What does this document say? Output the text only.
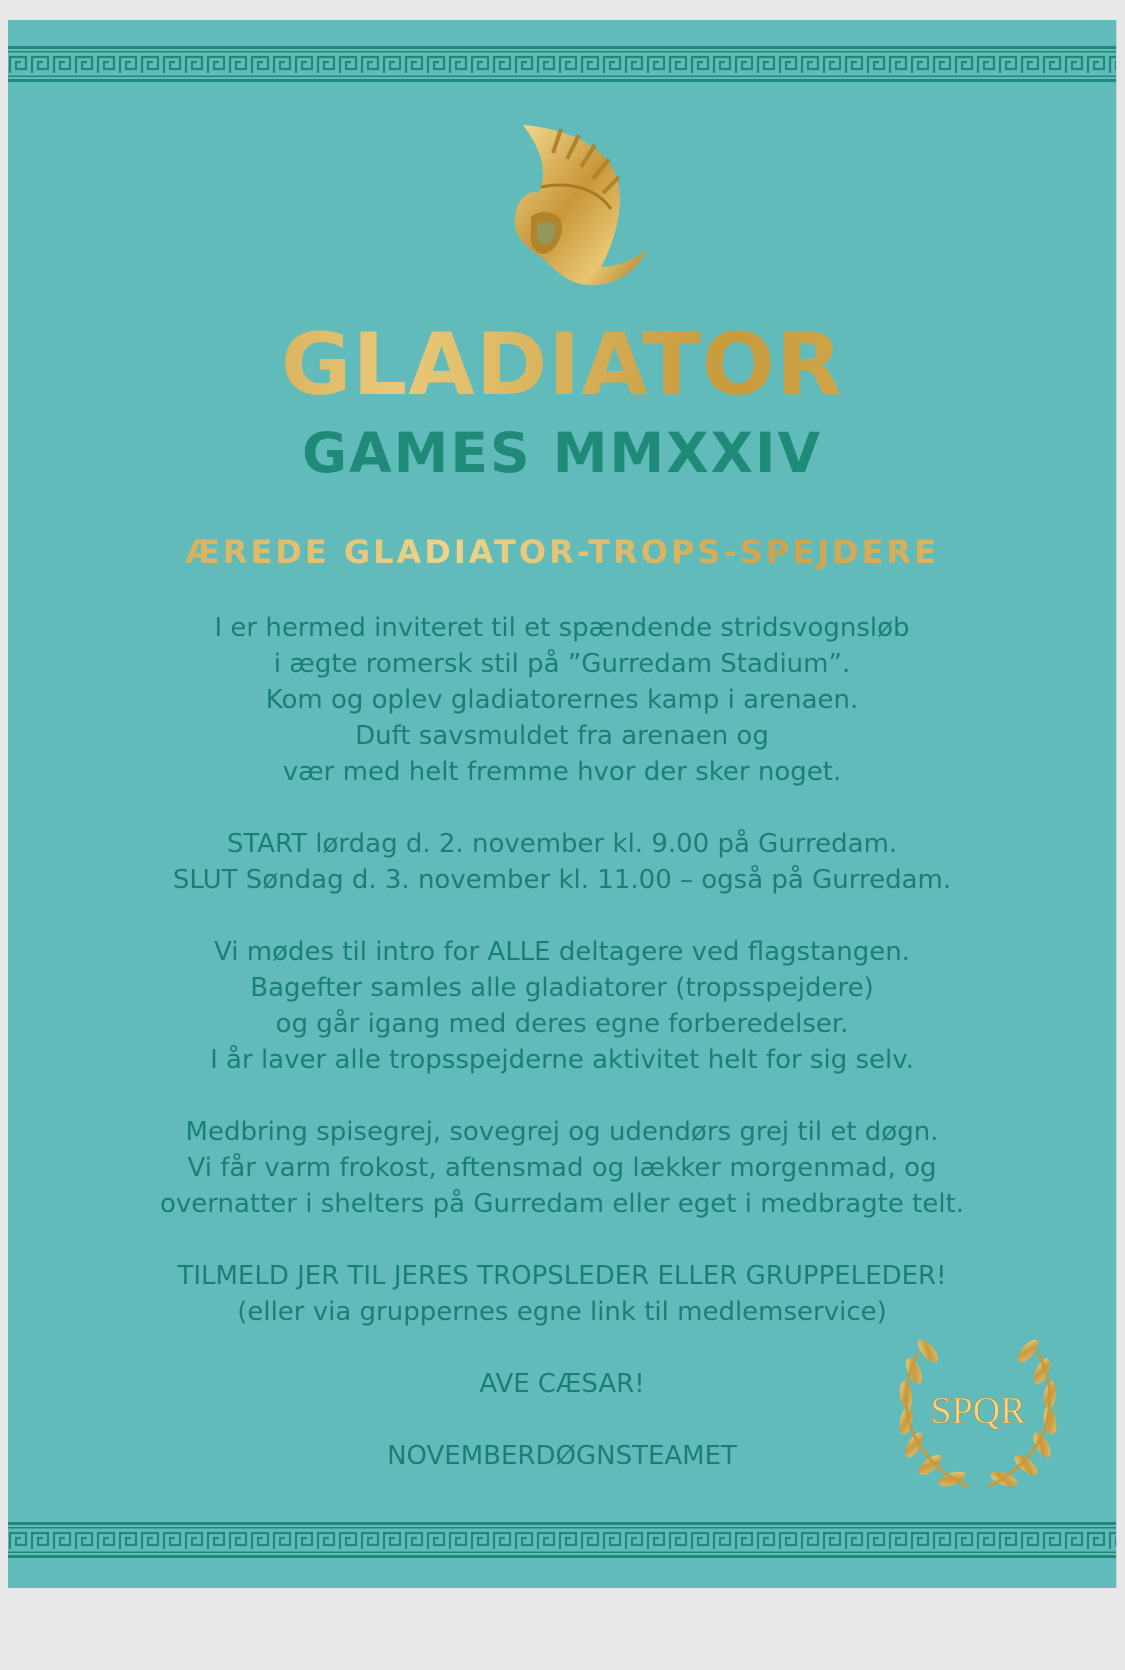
GLADIATOR
GAMES MMXXIV
ÆREDE GLADIATOR-TROPS-SPEJDERE
I er hermed inviteret til et spændende stridsvognsløb
i ægte romersk stil på ”Gurredam Stadium”.
Kom og oplev gladiatorernes kamp i arenaen.
Duft savsmuldet fra arenaen og
vær med helt fremme hvor der sker noget.
START lørdag d. 2. november kl. 9.00 på Gurredam.
SLUT Søndag d. 3. november kl. 11.00 – også på Gurredam.
Vi mødes til intro for ALLE deltagere ved flagstangen.
Bagefter samles alle gladiatorer (tropsspejdere)
og går igang med deres egne forberedelser.
I år laver alle tropsspejderne aktivitet helt for sig selv.
Medbring spisegrej, sovegrej og udendørs grej til et døgn.
Vi får varm frokost, aftensmad og lækker morgenmad, og
overnatter i shelters på Gurredam eller eget i medbragte telt.
TILMELD JER TIL JERES TROPSLEDER ELLER GRUPPELEDER!
(eller via gruppernes egne link til medlemservice)
AVE CÆSAR!
NOVEMBERDØGNSTEAMET
SPQR
